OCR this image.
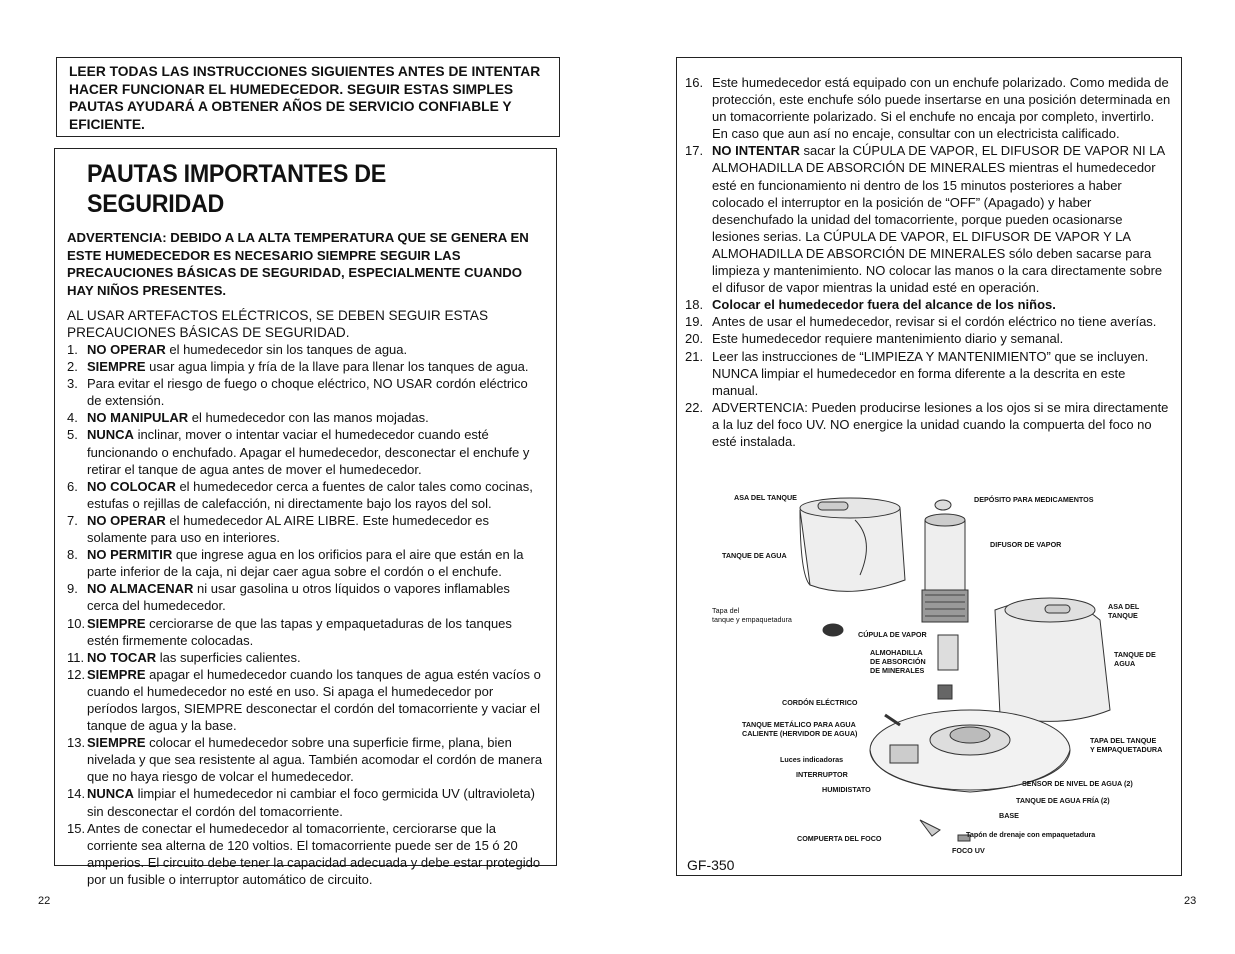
LEER TODAS LAS INSTRUCCIONES SIGUIENTES ANTES DE INTENTAR HACER FUNCIONAR EL HUMEDECEDOR. SEGUIR ESTAS SIMPLES PAUTAS AYUDARÁ A OBTENER AÑOS DE SERVICIO CONFIABLE Y EFICIENTE.

PAUTAS IMPORTANTES DE SEGURIDAD

ADVERTENCIA: DEBIDO A LA ALTA TEMPERATURA QUE SE GENERA EN ESTE HUMEDECEDOR ES NECESARIO SIEMPRE SEGUIR LAS PRECAUCIONES BÁSICAS DE SEGURIDAD, ESPECIALMENTE CUANDO HAY NIÑOS PRESENTES.

AL USAR ARTEFACTOS ELÉCTRICOS, SE DEBEN SEGUIR ESTAS PRECAUCIONES BÁSICAS DE SEGURIDAD.

1. NO OPERAR el humedecedor sin los tanques de agua.
2. SIEMPRE usar agua limpia y fría de la llave para llenar los tanques de agua.
3. Para evitar el riesgo de fuego o choque eléctrico, NO USAR cordón eléctrico de extensión.
4. NO MANIPULAR el humedecedor con las manos mojadas.
5. NUNCA inclinar, mover o intentar vaciar el humedecedor cuando esté funcionando o enchufado. Apagar el humedecedor, desconectar el enchufe y retirar el tanque de agua antes de mover el humedecedor.
6. NO COLOCAR el humedecedor cerca a fuentes de calor tales como cocinas, estufas o rejillas de calefacción, ni directamente bajo los rayos del sol.
7. NO OPERAR el humedecedor AL AIRE LIBRE. Este humedecedor es solamente para uso en interiores.
8. NO PERMITIR que ingrese agua en los orificios para el aire que están en la parte inferior de la caja, ni dejar caer agua sobre el cordón o el enchufe.
9. NO ALMACENAR ni usar gasolina u otros líquidos o vapores inflamables cerca del humedecedor.
10. SIEMPRE cerciorarse de que las tapas y empaquetaduras de los tanques estén firmemente colocadas.
11. NO TOCAR las superficies calientes.
12. SIEMPRE apagar el humedecedor cuando los tanques de agua estén vacíos o cuando el humedecedor no esté en uso. Si apaga el humedecedor por períodos largos, SIEMPRE desconectar el cordón del tomacorriente y vaciar el tanque de agua y la base.
13. SIEMPRE colocar el humedecedor sobre una superficie firme, plana, bien nivelada y que sea resistente al agua. También acomodar el cordón de manera que no haya riesgo de volcar el humedecedor.
14. NUNCA limpiar el humedecedor ni cambiar el foco germicida UV (ultravioleta) sin desconectar el cordón del tomacorriente.
15. Antes de conectar el humedecedor al tomacorriente, cerciorarse que la corriente sea alterna de 120 voltios. El tomacorriente puede ser de 15 ó 20 amperios. El circuito debe tener la capacidad adecuada y debe estar protegido por un fusible o interruptor automático de circuito.
22
16. Este humedecedor está equipado con un enchufe polarizado. Como medida de protección, este enchufe sólo puede insertarse en una posición determinada en un tomacorriente polarizado. Si el enchufe no encaja por completo, invertirlo. En caso que aun así no encaje, consultar con un electricista calificado.
17. NO INTENTAR sacar la CÚPULA DE VAPOR, EL DIFUSOR DE VAPOR NI LA ALMOHADILLA DE ABSORCIÓN DE MINERALES mientras el humedecedor esté en funcionamiento ni dentro de los 15 minutos posteriores a haber colocado el interruptor en la posición de “OFF” (Apagado) y haber desenchufado la unidad del tomacorriente, porque pueden ocasionarse lesiones serias. La CÚPULA DE VAPOR, EL DIFUSOR DE VAPOR Y LA ALMOHADILLA DE ABSORCIÓN DE MINERALES sólo deben sacarse para limpieza y mantenimiento. NO colocar las manos o la cara directamente sobre el difusor de vapor mientras la unidad esté en operación.
18. Colocar el humedecedor fuera del alcance de los niños.
19. Antes de usar el humedecedor, revisar si el cordón eléctrico no tiene averías.
20. Este humedecedor requiere mantenimiento diario y semanal.
21. Leer las instrucciones de “LIMPIEZA Y MANTENIMIENTO” que se incluyen. NUNCA limpiar el humedecedor en forma diferente a la descrita en este manual.
22. ADVERTENCIA: Pueden producirse lesiones a los ojos si se mira directamente a la luz del foco UV. NO energice la unidad cuando la compuerta del foco no esté instalada.
GF-350
23
ASA DEL TANQUE	DEPÓSITO PARA MEDICAMENTOS
DIFUSOR DE VAPOR
TANQUE DE AGUA
Tapa del
tanque y empaquetadura
CÚPULA DE VAPOR
ASA DEL
TANQUE
ALMOHADILLA
DE ABSORCIÓN
DE MINERALES
TANQUE DE
AGUA
CORDÓN ELÉCTRICO
TANQUE METÁLICO PARA AGUA
CALIENTE (HERVIDOR DE AGUA)
TAPA DEL TANQUE
Y EMPAQUETADURA
Luces indicadoras
INTERRUPTOR
SENSOR DE NIVEL DE AGUA (2)
HUMIDISTATO
TANQUE DE AGUA FRÍA (2)
BASE
Tapón de drenaje con empaquetadura
COMPUERTA DEL FOCO
FOCO UV
